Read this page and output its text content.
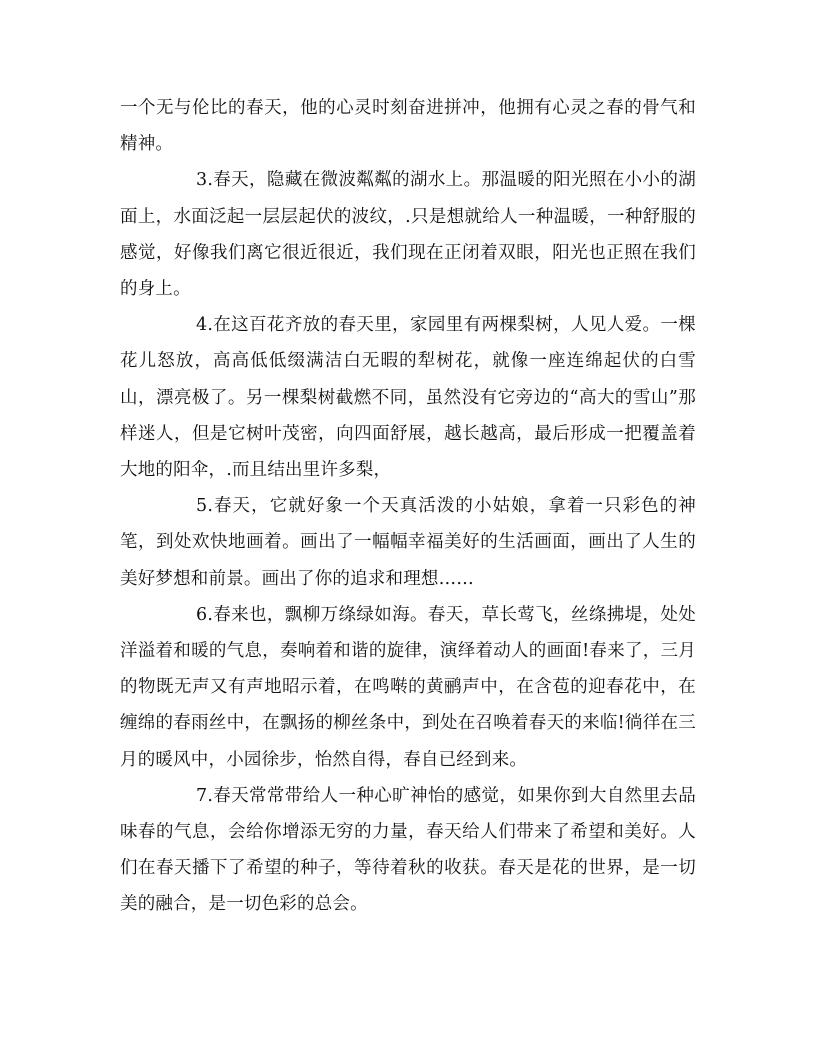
一个无与伦比的春天，他的心灵时刻奋进拼冲，他拥有心灵之春的骨气和精神。

3.春天，隐藏在微波粼粼的湖水上。那温暖的阳光照在小小的湖面上，水面泛起一层层起伏的波纹，.只是想就给人一种温暖，一种舒服的感觉，好像我们离它很近很近，我们现在正闭着双眼，阳光也正照在我们的身上。

4.在这百花齐放的春天里，家园里有两棵梨树，人见人爱。一棵花儿怒放，高高低低缀满洁白无暇的犁树花，就像一座连绵起伏的白雪山，漂亮极了。另一棵梨树截燃不同，虽然没有它旁边的“高大的雪山”那样迷人，但是它树叶茂密，向四面舒展，越长越高，最后形成一把覆盖着大地的阳伞，.而且结出里许多梨，

5.春天，它就好象一个天真活泼的小姑娘，拿着一只彩色的神笔，到处欢快地画着。画出了一幅幅幸福美好的生活画面，画出了人生的美好梦想和前景。画出了你的追求和理想……

6.春来也，飘柳万绦绿如海。春天，草长莺飞，丝绦拂堤，处处洋溢着和暖的气息，奏响着和谐的旋律，演绎着动人的画面!春来了，三月的物既无声又有声地昭示着，在鸣啭的黄鹂声中，在含苞的迎春花中，在缠绵的春雨丝中，在飘扬的柳丝条中，到处在召唤着春天的来临!徜徉在三月的暖风中，小园徐步，怡然自得，春自已经到来。

7.春天常常带给人一种心旷神怡的感觉，如果你到大自然里去品味春的气息，会给你增添无穷的力量，春天给人们带来了希望和美好。人们在春天播下了希望的种子，等待着秋的收获。春天是花的世界，是一切美的融合，是一切色彩的总会。
